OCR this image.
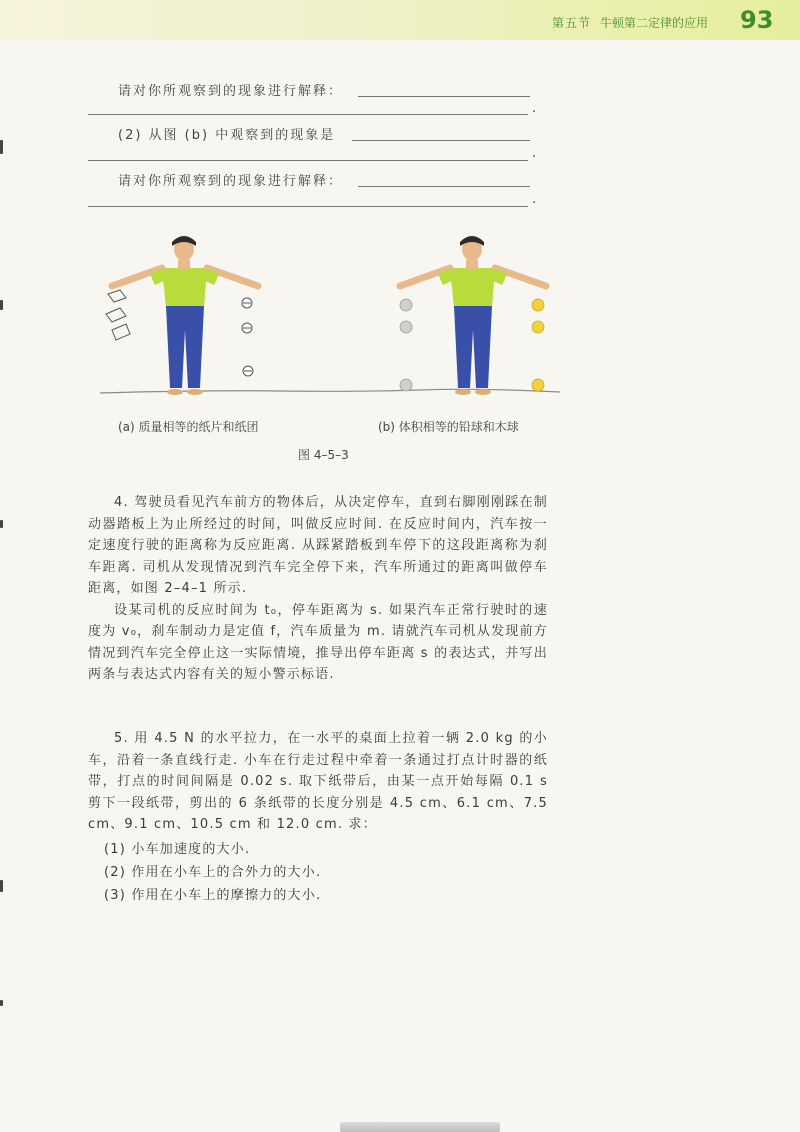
第五节 牛顿第二定律的应用 93
请对你所观察到的现象进行解释：
.
(2) 从图 (b) 中观察到的现象是
.
请对你所观察到的现象进行解释：
.
(a) 质量相等的纸片和纸团	(b) 体积相等的铅球和木球
图 4–5–3

4. 驾驶员看见汽车前方的物体后，从决定停车，直到右脚刚刚踩在制动器踏板上为止所经过的时间，叫做反应时间. 在反应时间内，汽车按一定速度行驶的距离称为反应距离. 从踩紧踏板到车停下的这段距离称为刹车距离. 司机从发现情况到汽车完全停下来，汽车所通过的距离叫做停车距离，如图 2–4–1 所示.

设某司机的反应时间为 t₀，停车距离为 s. 如果汽车正常行驶时的速度为 v₀，刹车制动力是定值 f，汽车质量为 m. 请就汽车司机从发现前方情况到汽车完全停止这一实际情境，推导出停车距离 s 的表达式，并写出两条与表达式内容有关的短小警示标语.

5. 用 4.5 N 的水平拉力，在一水平的桌面上拉着一辆 2.0 kg 的小车，沿着一条直线行走. 小车在行走过程中牵着一条通过打点计时器的纸带，打点的时间间隔是 0.02 s. 取下纸带后，由某一点开始每隔 0.1 s 剪下一段纸带，剪出的 6 条纸带的长度分别是 4.5 cm、6.1 cm、7.5 cm、9.1 cm、10.5 cm 和 12.0 cm. 求：

(1) 小车加速度的大小.
(2) 作用在小车上的合外力的大小.
(3) 作用在小车上的摩擦力的大小.
